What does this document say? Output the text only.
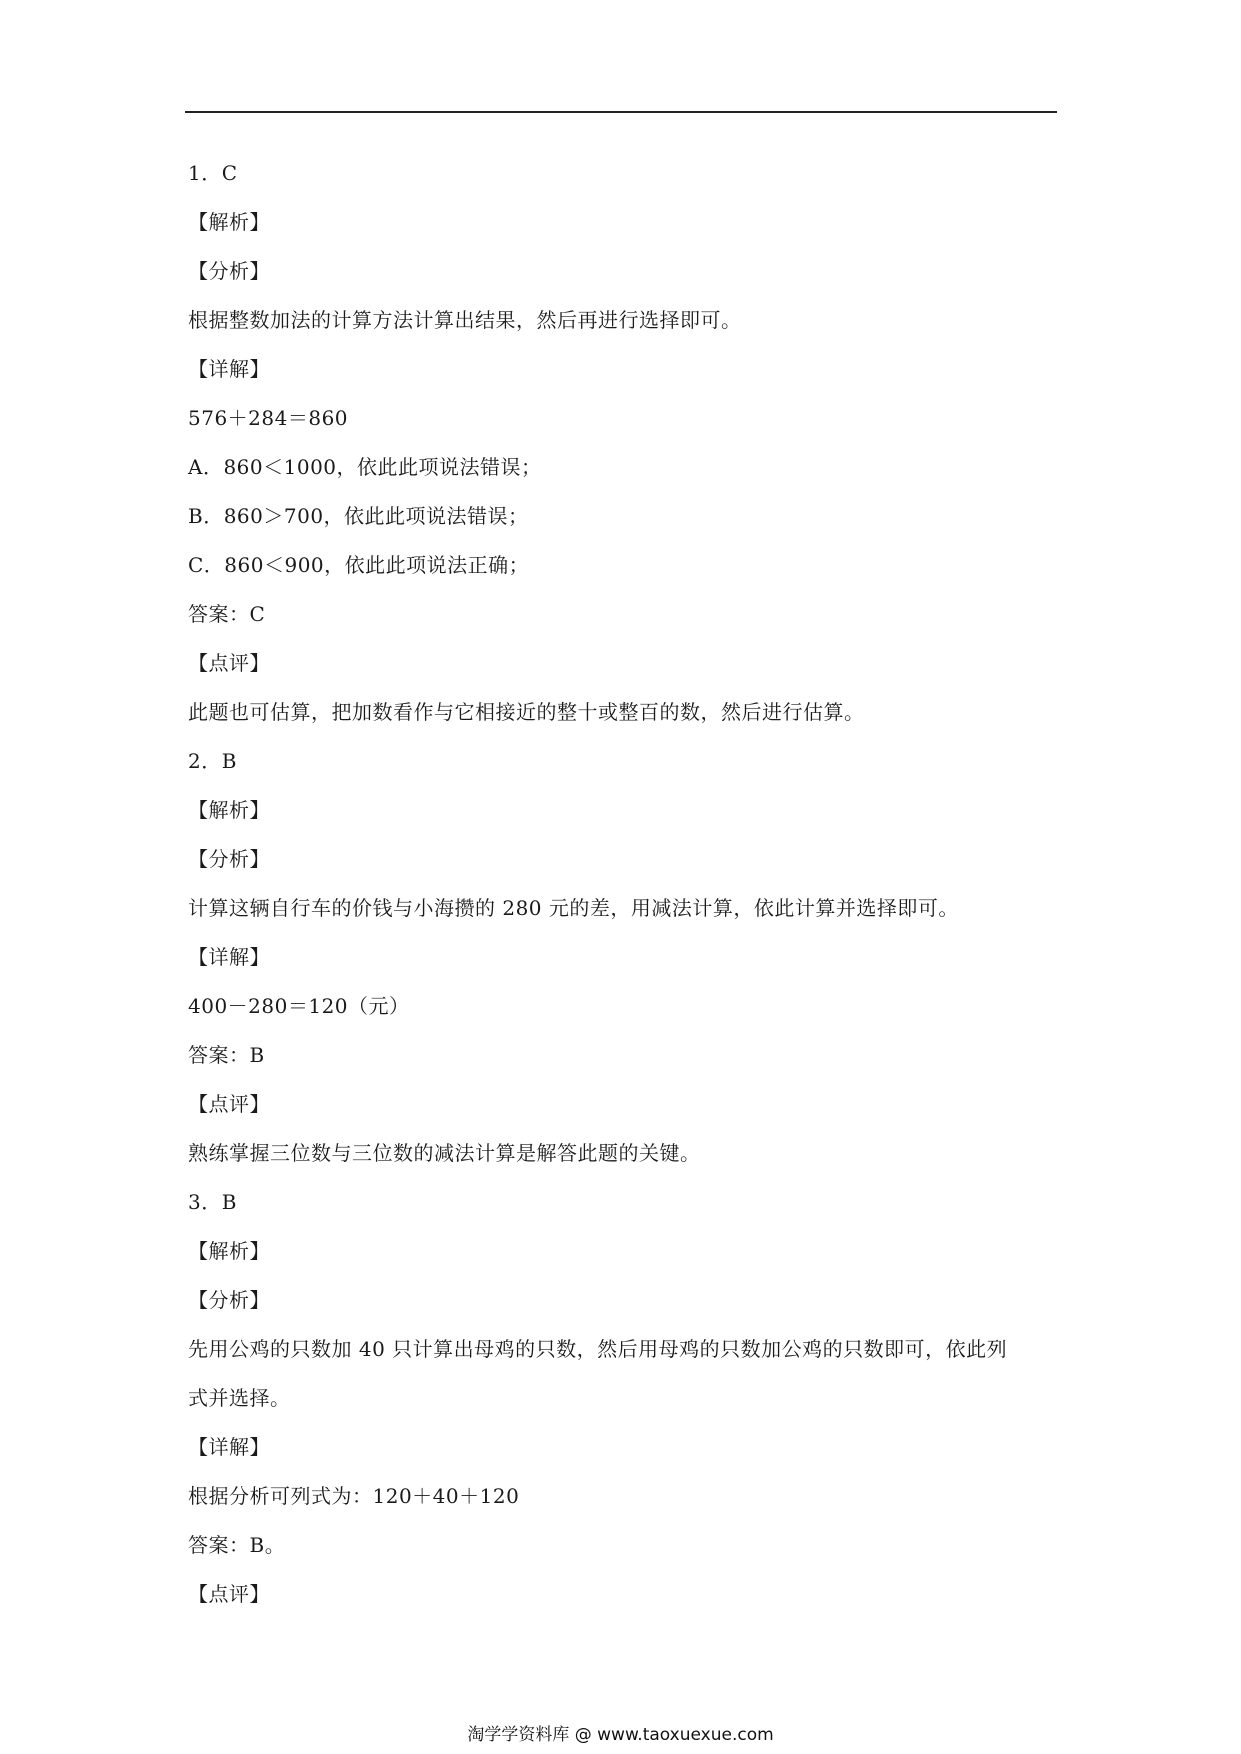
1．C
【解析】
【分析】
根据整数加法的计算方法计算出结果，然后再进行选择即可。
【详解】
576＋284＝860
A．860＜1000，依此此项说法错误；
B．860＞700，依此此项说法错误；
C．860＜900，依此此项说法正确；
答案：C
【点评】
此题也可估算，把加数看作与它相接近的整十或整百的数，然后进行估算。
2．B
【解析】
【分析】
计算这辆自行车的价钱与小海攒的 280 元的差，用减法计算，依此计算并选择即可。
【详解】
400－280＝120（元）
答案：B
【点评】
熟练掌握三位数与三位数的减法计算是解答此题的关键。
3．B
【解析】
【分析】
先用公鸡的只数加 40 只计算出母鸡的只数，然后用母鸡的只数加公鸡的只数即可，依此列
式并选择。
【详解】
根据分析可列式为：120＋40＋120
答案：B。
【点评】
淘学学资料库 @ www.taoxuexue.com
